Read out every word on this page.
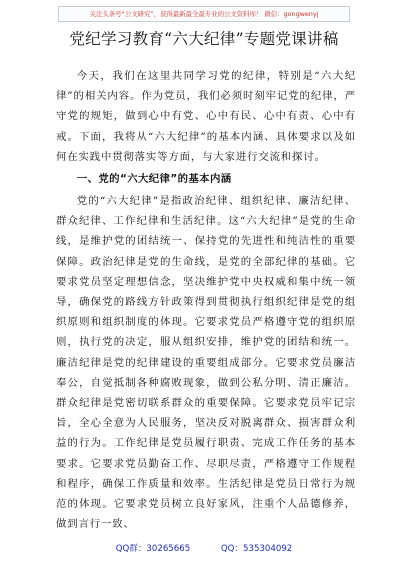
关注头条号“公文研究”，获得最新最全最专业的公文资料库！ 微信：gongwenyj
党纪学习教育“六大纪律”专题党课讲稿

今天，我们在这里共同学习党的纪律，特别是“六大纪律”的相关内容。作为党员，我们必须时刻牢记党的纪律，严守党的规矩，做到心中有党、心中有民、心中有责、心中有戒。下面，我将从“六大纪律”的基本内涵、具体要求以及如何在实践中贯彻落实等方面，与大家进行交流和探讨。

一、党的“六大纪律”的基本内涵

党的“六大纪律”是指政治纪律、组织纪律、廉洁纪律、群众纪律、工作纪律和生活纪律。这“六大纪律”是党的生命线，是维护党的团结统一、保持党的先进性和纯洁性的重要保障。政治纪律是党的生命线，是党的全部纪律的基础。它要求党员坚定理想信念，坚决维护党中央权威和集中统一领导，确保党的路线方针政策得到贯彻执行组织纪律是党的组织原则和组织制度的体现。它要求党员严格遵守党的组织原则，执行党的决定，服从组织安排，维护党的团结和统一。廉洁纪律是党的纪律建设的重要组成部分。它要求党员廉洁奉公，自觉抵制各种腐败现象，做到公私分明、清正廉洁。群众纪律是党密切联系群众的重要保障。它要求党员牢记宗旨，全心全意为人民服务，坚决反对脱离群众、损害群众利益的行为。工作纪律是党员履行职责、完成工作任务的基本要求。它要求党员勤奋工作、尽职尽责，严格遵守工作规程和程序，确保工作质量和效率。生活纪律是党员日常行为规范的体现。它要求党员树立良好家风，注重个人品德修养，做到言行一致、

QQ群：30265665	QQ：535304092
